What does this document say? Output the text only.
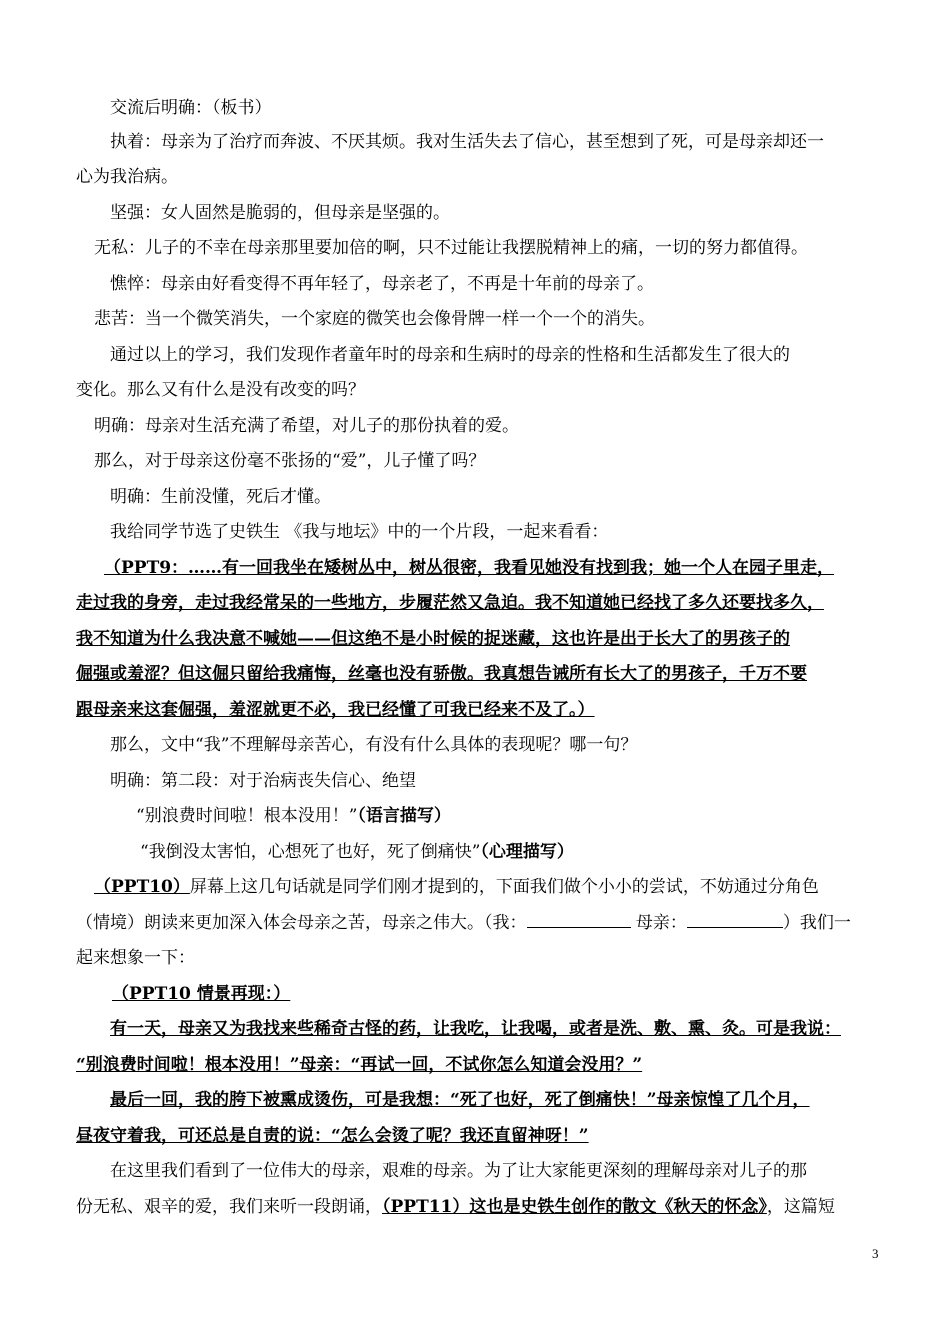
交流后明确：（板书）
执着：母亲为了治疗而奔波、不厌其烦。我对生活失去了信心，甚至想到了死，可是母亲却还一
心为我治病。
坚强：女人固然是脆弱的，但母亲是坚强的。
无私：儿子的不幸在母亲那里要加倍的啊，只不过能让我摆脱精神上的痛，一切的努力都值得。
憔悴：母亲由好看变得不再年轻了，母亲老了，不再是十年前的母亲了。
悲苦：当一个微笑消失，一个家庭的微笑也会像骨牌一样一个一个的消失。
通过以上的学习，我们发现作者童年时的母亲和生病时的母亲的性格和生活都发生了很大的
变化。那么又有什么是没有改变的吗？
明确：母亲对生活充满了希望，对儿子的那份执着的爱。
那么，对于母亲这份毫不张扬的“爱”，儿子懂了吗？
明确：生前没懂，死后才懂。
我给同学节选了史铁生 《我与地坛》中的一个片段，一起来看看：
（PPT9：……有一回我坐在矮树丛中，树丛很密，我看见她没有找到我；她一个人在园子里走，
走过我的身旁，走过我经常呆的一些地方，步履茫然又急迫。我不知道她已经找了多久还要找多久，
我不知道为什么我决意不喊她——但这绝不是小时候的捉迷藏，这也许是出于长大了的男孩子的
倔强或羞涩？但这倔只留给我痛悔，丝毫也没有骄傲。我真想告诫所有长大了的男孩子，千万不要
跟母亲来这套倔强，羞涩就更不必，我已经懂了可我已经来不及了。）
那么，文中“我”不理解母亲苦心，有没有什么具体的表现呢？哪一句？
明确：第二段：对于治病丧失信心、绝望
“别浪费时间啦！根本没用！”（语言描写）
“我倒没太害怕，心想死了也好，死了倒痛快”（心理描写）
（PPT10）屏幕上这几句话就是同学们刚才提到的，下面我们做个小小的尝试，不妨通过分角色
（情境）朗读来更加深入体会母亲之苦，母亲之伟大。（我：	母亲：	）我们一
起来想象一下：
（PPT10 情景再现：）
有一天，母亲又为我找来些稀奇古怪的药，让我吃，让我喝，或者是洗、敷、熏、灸。可是我说：
“别浪费时间啦！根本没用！”母亲：“再试一回，不试你怎么知道会没用？”
最后一回，我的胯下被熏成烫伤，可是我想：“死了也好，死了倒痛快！”母亲惊惶了几个月，
昼夜守着我，可还总是自责的说：“怎么会烫了呢？我还直留神呀！”
在这里我们看到了一位伟大的母亲，艰难的母亲。为了让大家能更深刻的理解母亲对儿子的那
份无私、艰辛的爱，我们来听一段朗诵，（PPT11）这也是史铁生创作的散文《秋天的怀念》，这篇短
3
